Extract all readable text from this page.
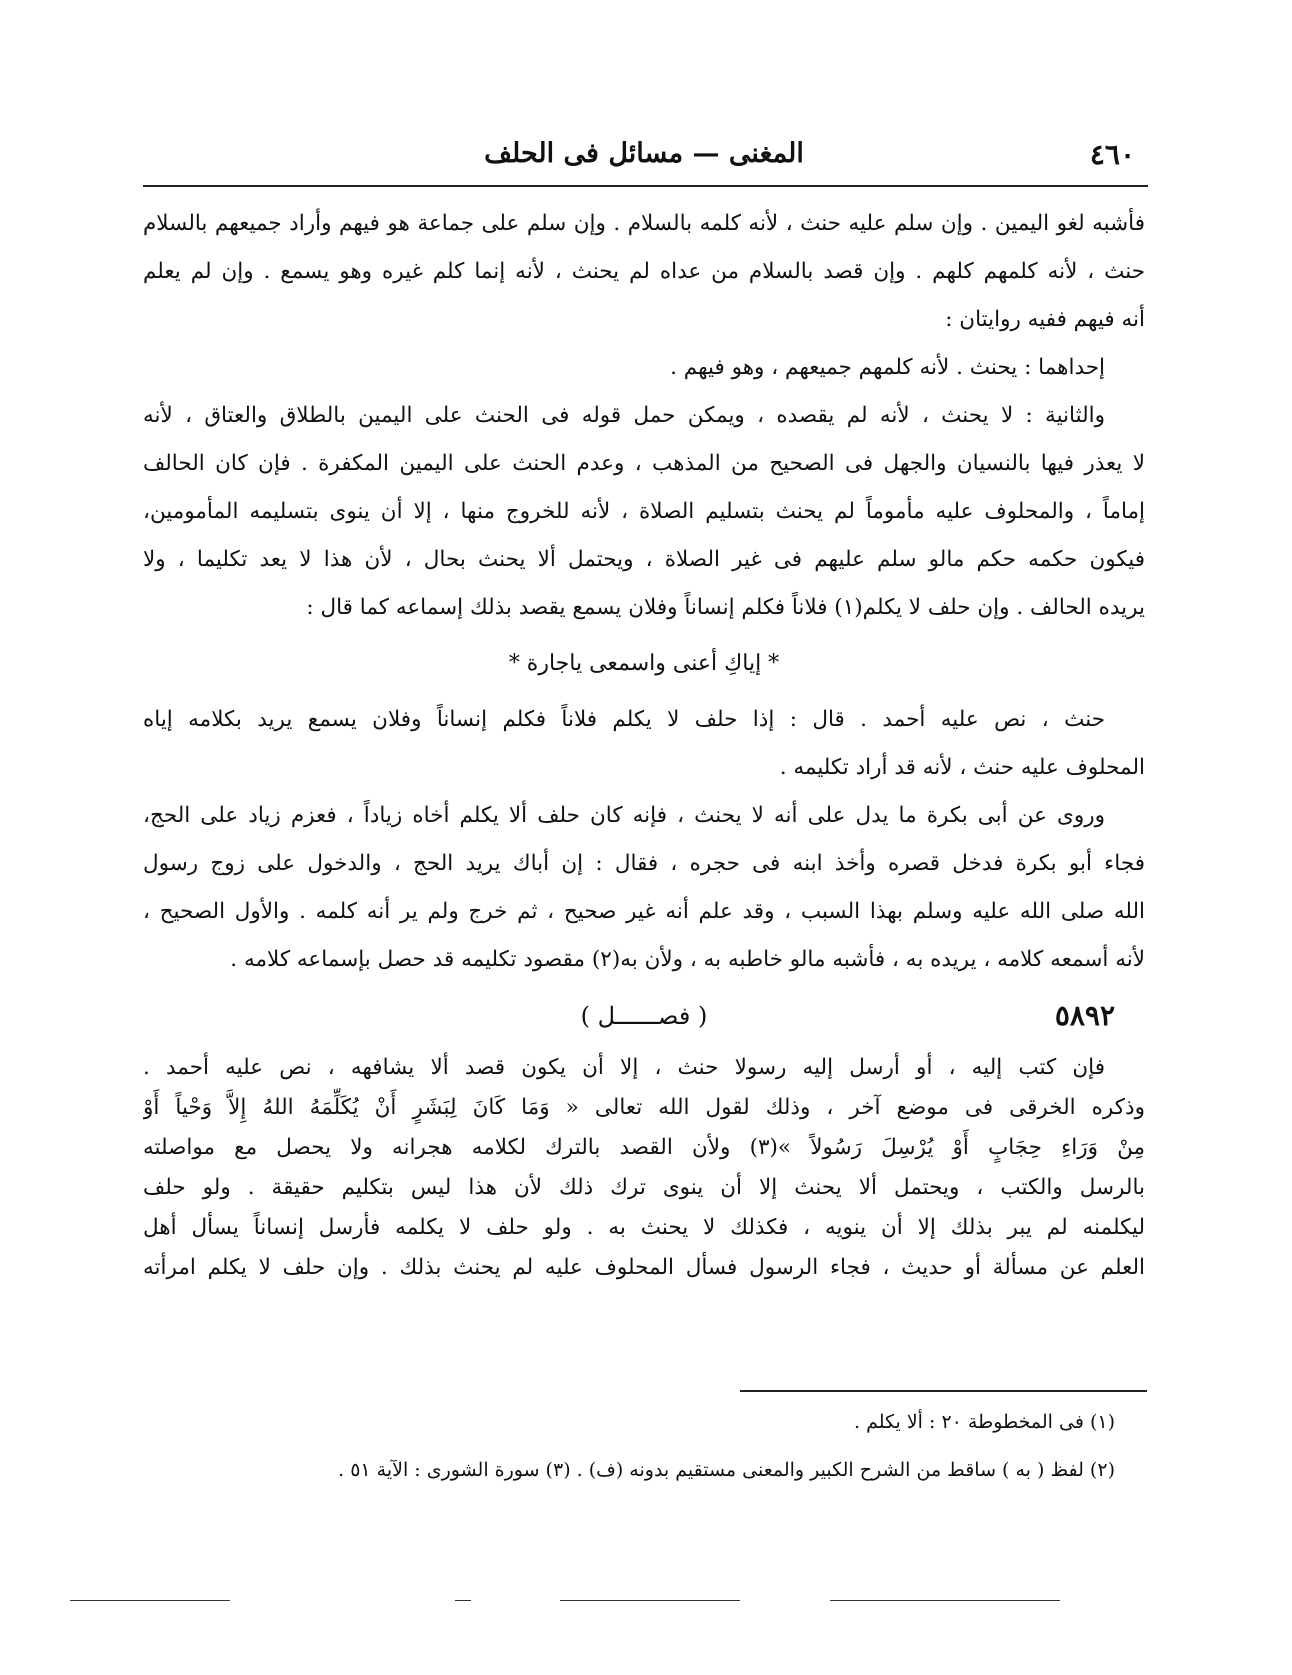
٤٦٠
المغنى — مسائل فى الحلف

فأشبه لغو اليمين . وإن سلم عليه حنث ، لأنه كلمه بالسلام . وإن سلم على جماعة هو فيهم وأراد جميعهم بالسلام
حنث ، لأنه كلمهم كلهم . وإن قصد بالسلام من عداه لم يحنث ، لأنه إنما كلم غيره وهو يسمع . وإن لم يعلم
أنه فيهم ففيه روايتان :

إحداهما : يحنث . لأنه كلمهم جميعهم ، وهو فيهم .

والثانية : لا يحنث ، لأنه لم يقصده ، ويمكن حمل قوله فى الحنث على اليمين بالطلاق والعتاق ، لأنه
لا يعذر فيها بالنسيان والجهل فى الصحيح من المذهب ، وعدم الحنث على اليمين المكفرة . فإن كان الحالف
إماماً ، والمحلوف عليه مأموماً لم يحنث بتسليم الصلاة ، لأنه للخروج منها ، إلا أن ينوى بتسليمه المأمومين،
فيكون حكمه حكم مالو سلم عليهم فى غير الصلاة ، ويحتمل ألا يحنث بحال ، لأن هذا لا يعد تكليما ، ولا
يريده الحالف . وإن حلف لا يكلم(١) فلاناً فكلم إنساناً وفلان يسمع يقصد بذلك إسماعه كما قال :

* إياكِ أعنى واسمعى ياجارة *

حنث ، نص عليه أحمد . قال : إذا حلف لا يكلم فلاناً فكلم إنساناً وفلان يسمع يريد بكلامه إياه
المحلوف عليه حنث ، لأنه قد أراد تكليمه .

وروى عن أبى بكرة ما يدل على أنه لا يحنث ، فإنه كان حلف ألا يكلم أخاه زياداً ، فعزم زياد على الحج،
فجاء أبو بكرة فدخل قصره وأخذ ابنه فى حجره ، فقال : إن أباك يريد الحج ، والدخول على زوج رسول
الله صلى الله عليه وسلم بهذا السبب ، وقد علم أنه غير صحيح ، ثم خرج ولم ير أنه كلمه . والأول الصحيح ،
لأنه أسمعه كلامه ، يريده به ، فأشبه مالو خاطبه به ، ولأن به(٢) مقصود تكليمه قد حصل بإسماعه كلامه .

٥٨٩٢
( فصــــــل )

فإن كتب إليه ، أو أرسل إليه رسولا حنث ، إلا أن يكون قصد ألا يشافهه ، نص عليه أحمد .
وذكره الخرقى فى موضع آخر ، وذلك لقول الله تعالى « وَمَا كَانَ لِبَشَرٍ أَنْ يُكَلِّمَهُ اللهُ إِلاَّ وَحْياً أَوْ
مِنْ وَرَاءِ حِجَابٍ أَوْ يُرْسِلَ رَسُولاً »(٣) ولأن القصد بالترك لكلامه هجرانه ولا يحصل مع مواصلته
بالرسل والكتب ، ويحتمل ألا يحنث إلا أن ينوى ترك ذلك لأن هذا ليس بتكليم حقيقة . ولو حلف
ليكلمنه لم يبر بذلك إلا أن ينويه ، فكذلك لا يحنث به . ولو حلف لا يكلمه فأرسل إنساناً يسأل أهل
العلم عن مسألة أو حديث ، فجاء الرسول فسأل المحلوف عليه لم يحنث بذلك . وإن حلف لا يكلم امرأته

(١) فى المخطوطة ٢٠ : ألا يكلم .
(٢) لفظ ( به ) ساقط من الشرح الكبير والمعنى مستقيم بدونه (ف) . (٣) سورة الشورى : الآية ٥١ .
